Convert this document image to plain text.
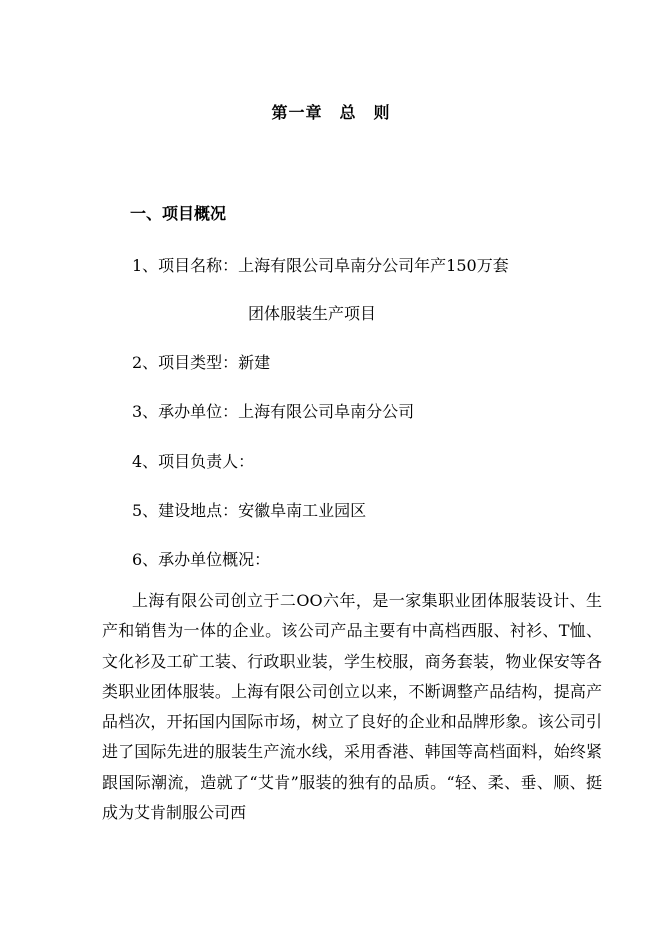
第一章　总　则
一、项目概况
1、项目名称：上海有限公司阜南分公司年产150万套
团体服装生产项目
2、项目类型：新建
3、承办单位：上海有限公司阜南分公司
4、项目负责人：
5、建设地点：安徽阜南工业园区
6、承办单位概况：

上海有限公司创立于二OO六年，是一家集职业团体服装设计、生产和销售为一体的企业。该公司产品主要有中高档西服、衬衫、T恤、文化衫及工矿工装、行政职业装，学生校服，商务套装，物业保安等各类职业团体服装。上海有限公司创立以来，不断调整产品结构，提高产品档次，开拓国内国际市场，树立了良好的企业和品牌形象。该公司引进了国际先进的服装生产流水线，采用香港、韩国等高档面料，始终紧跟国际潮流，造就了“艾肯”服装的独有的品质。“轻、柔、垂、顺、挺成为艾肯制服公司西
